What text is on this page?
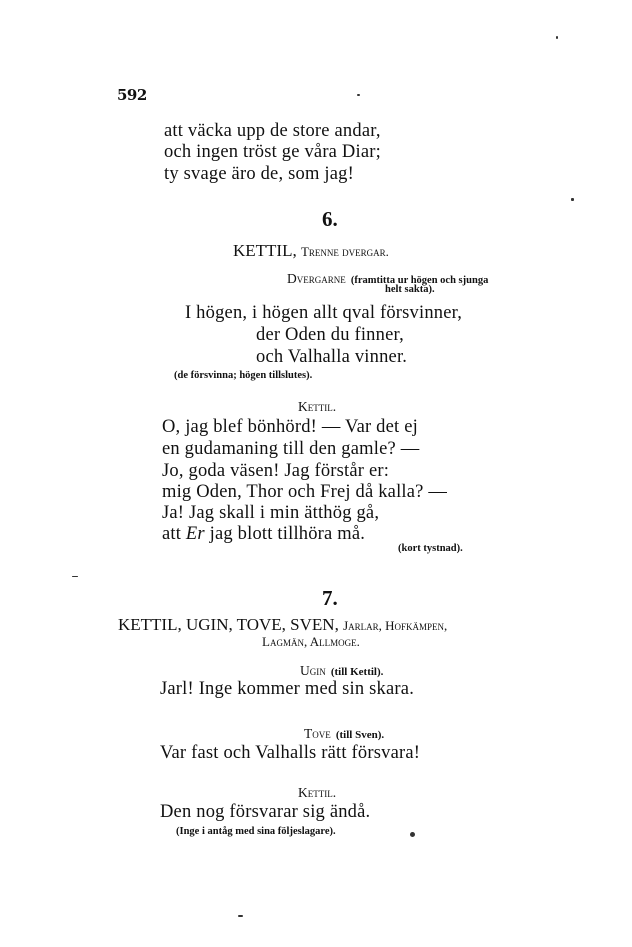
592
att väcka upp de store andar,
och ingen tröst ge våra Diar;
ty svage äro de, som jag!
6.
KETTIL, Trenne dvergar.
Dvergarne (framtitta ur högen och sjunga
helt sakta).
I högen, i högen allt qval försvinner,
der Oden du finner,
och Valhalla vinner.
(de försvinna; högen tillslutes).
Kettil.
O, jag blef bönhörd! — Var det ej
en gudamaning till den gamle? —
Jo, goda väsen! Jag förstår er:
mig Oden, Thor och Frej då kalla? —
Ja! Jag skall i min ätthög gå,
att Er jag blott tillhöra må.
(kort tystnad).
7.
KETTIL, UGIN, TOVE, SVEN, Jarlar, Hofkämpen,
Lagmän, Allmoge.
Ugin (till Kettil).
Jarl! Inge kommer med sin skara.
Tove (till Sven).
Var fast och Valhalls rätt försvara!
Kettil.
Den nog försvarar sig ändå.
(Inge i antåg med sina följeslagare).
